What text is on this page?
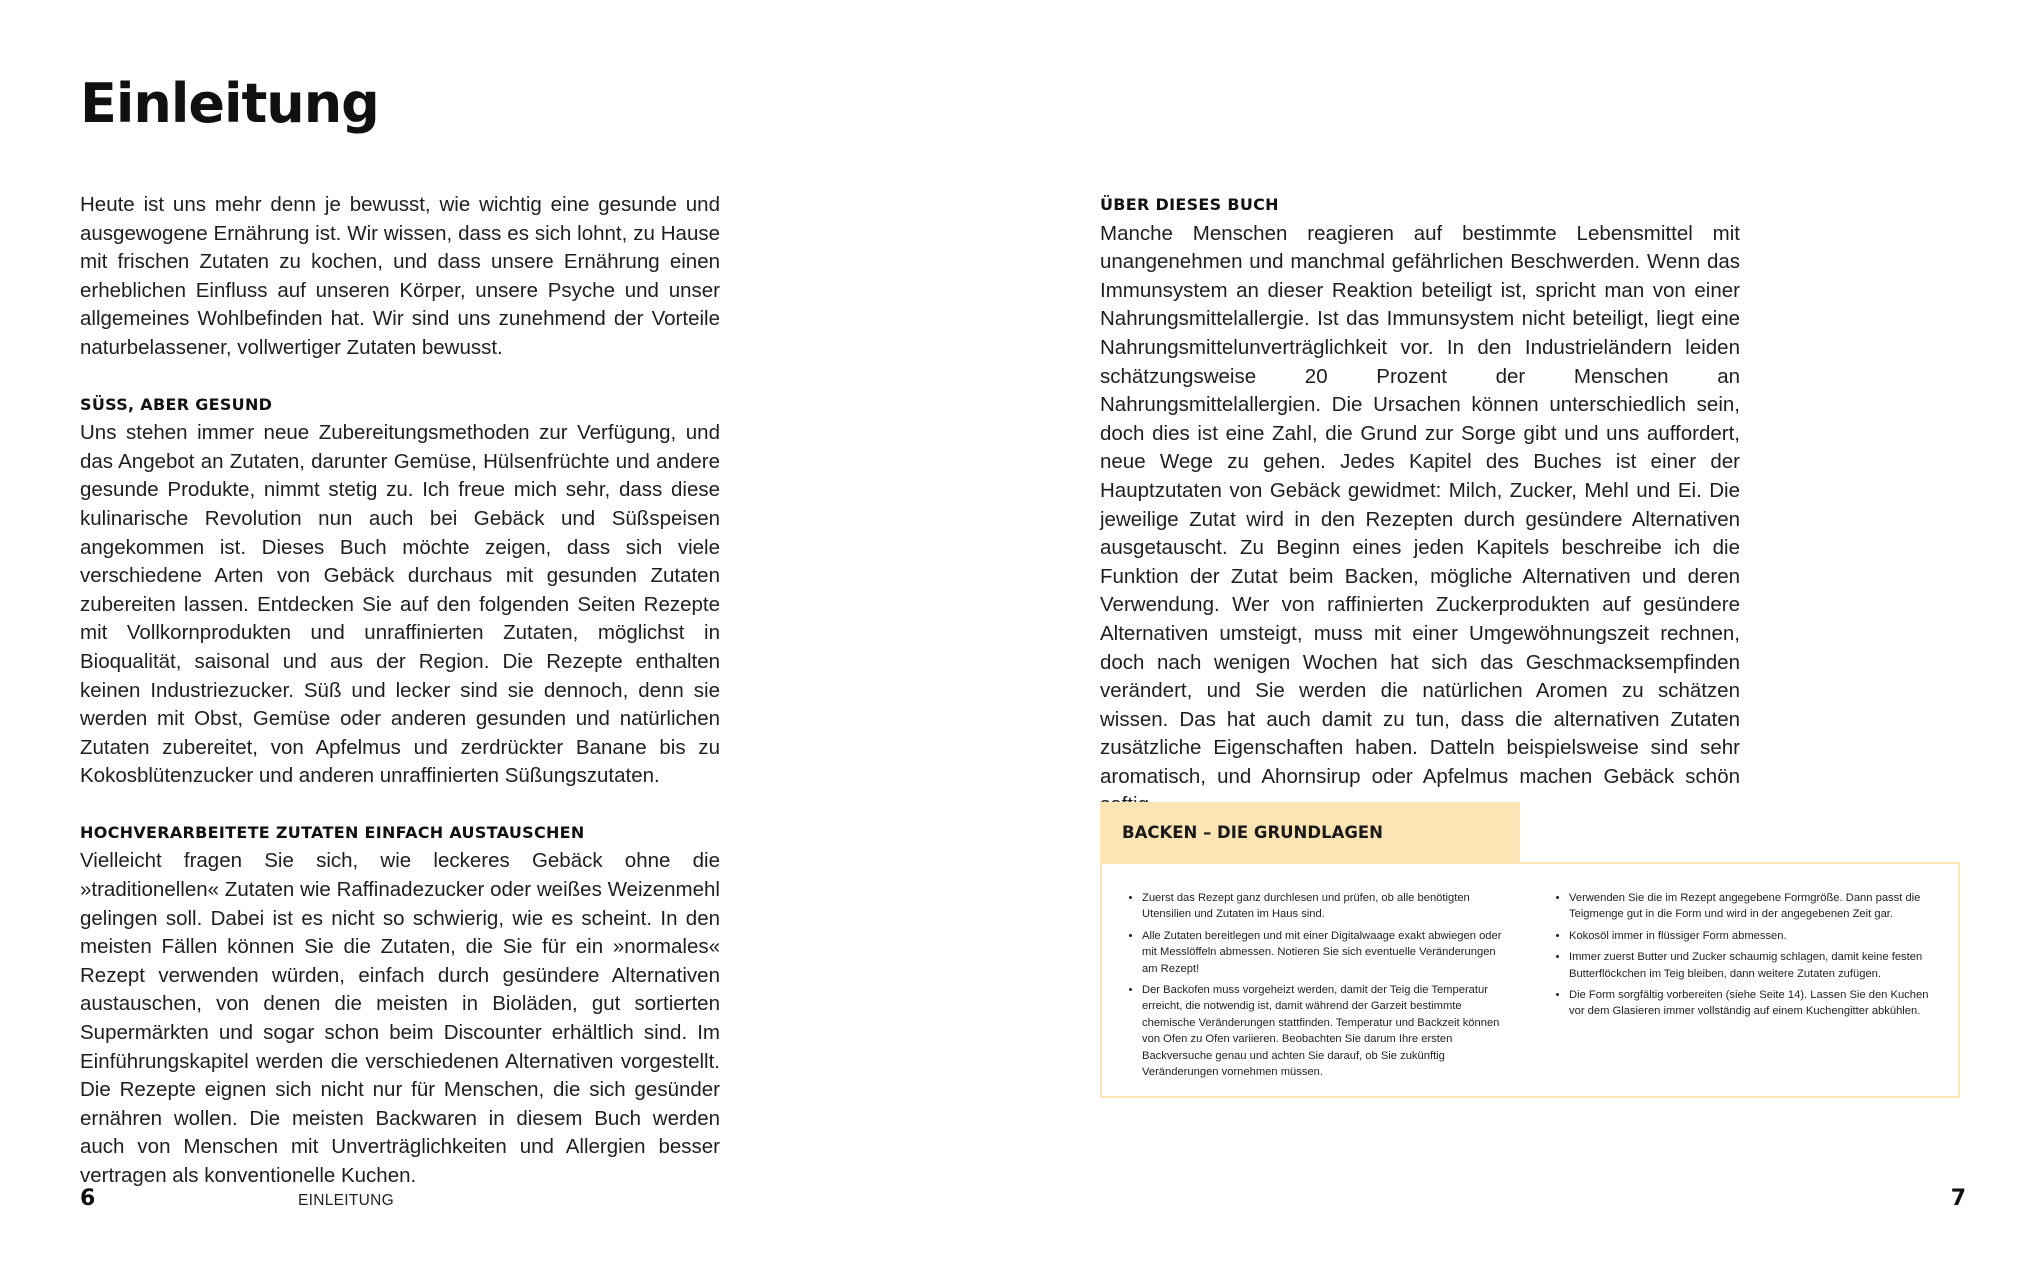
Einleitung

Heute ist uns mehr denn je bewusst, wie wichtig eine gesunde und ausgewogene Ernährung ist. Wir wissen, dass es sich lohnt, zu Hause mit frischen Zutaten zu kochen, und dass unsere Ernährung einen erheblichen Einfluss auf unseren Körper, unsere Psyche und unser allgemeines Wohlbefinden hat. Wir sind uns zunehmend der Vorteile naturbelassener, vollwertiger Zutaten bewusst.

SÜSS, ABER GESUND

Uns stehen immer neue Zubereitungsmethoden zur Verfügung, und das Angebot an Zutaten, darunter Gemüse, Hülsenfrüchte und andere gesunde Produkte, nimmt stetig zu. Ich freue mich sehr, dass diese kulinarische Revolution nun auch bei Gebäck und Süßspeisen angekommen ist. Dieses Buch möchte zeigen, dass sich viele verschiedene Arten von Gebäck durchaus mit gesunden Zutaten zubereiten lassen. Entdecken Sie auf den folgenden Seiten Rezepte mit Vollkornprodukten und unraffinierten Zutaten, möglichst in Bioqualität, saisonal und aus der Region. Die Rezepte enthalten keinen Industriezucker. Süß und lecker sind sie dennoch, denn sie werden mit Obst, Gemüse oder anderen gesunden und natürlichen Zutaten zubereitet, von Apfelmus und zerdrückter Banane bis zu Kokosblütenzucker und anderen unraffinierten Süßungszutaten.

HOCHVERARBEITETE ZUTATEN EINFACH AUSTAUSCHEN

Vielleicht fragen Sie sich, wie leckeres Gebäck ohne die »traditionellen« Zutaten wie Raffinadezucker oder weißes Weizenmehl gelingen soll. Dabei ist es nicht so schwierig, wie es scheint. In den meisten Fällen können Sie die Zutaten, die Sie für ein »normales« Rezept verwenden würden, einfach durch gesündere Alternativen austauschen, von denen die meisten in Bioläden, gut sortierten Supermärkten und sogar schon beim Discounter erhältlich sind. Im Einführungskapitel werden die verschiedenen Alternativen vorgestellt. Die Rezepte eignen sich nicht nur für Menschen, die sich gesünder ernähren wollen. Die meisten Backwaren in diesem Buch werden auch von Menschen mit Unverträglichkeiten und Allergien besser vertragen als konventionelle Kuchen.

ÜBER DIESES BUCH

Manche Menschen reagieren auf bestimmte Lebensmittel mit unangenehmen und manchmal gefährlichen Beschwerden. Wenn das Immunsystem an dieser Reaktion beteiligt ist, spricht man von einer Nahrungsmittelallergie. Ist das Immunsystem nicht beteiligt, liegt eine Nahrungsmittelunverträglichkeit vor. In den Industrieländern leiden schätzungsweise 20 Prozent der Menschen an Nahrungsmittelallergien. Die Ursachen können unterschiedlich sein, doch dies ist eine Zahl, die Grund zur Sorge gibt und uns auffordert, neue Wege zu gehen. Jedes Kapitel des Buches ist einer der Hauptzutaten von Gebäck gewidmet: Milch, Zucker, Mehl und Ei. Die jeweilige Zutat wird in den Rezepten durch gesündere Alternativen ausgetauscht. Zu Beginn eines jeden Kapitels beschreibe ich die Funktion der Zutat beim Backen, mögliche Alternativen und deren Verwendung. Wer von raffinierten Zuckerprodukten auf gesündere Alternativen umsteigt, muss mit einer Umgewöhnungszeit rechnen, doch nach wenigen Wochen hat sich das Geschmacksempfinden verändert, und Sie werden die natürlichen Aromen zu schätzen wissen. Das hat auch damit zu tun, dass die alternativen Zutaten zusätzliche Eigenschaften haben. Datteln beispielsweise sind sehr aromatisch, und Ahornsirup oder Apfelmus machen Gebäck schön

BACKEN – DIE GRUNDLAGEN
• Zuerst das Rezept ganz durchlesen und prüfen, ob alle benötigten Utensilien und Zutaten im Haus sind.
• Alle Zutaten bereitlegen und mit einer Digitalwaage exakt abwiegen oder mit Messlöffeln abmessen. Notieren Sie sich eventuelle Veränderungen am Rezept!
• Der Backofen muss vorgeheizt werden, damit der Teig die Temperatur erreicht, die notwendig ist, damit während der Garzeit bestimmte chemische Veränderungen stattfinden. Temperatur und Backzeit können von Ofen zu Ofen variieren. Beobachten Sie darum Ihre ersten Backversuche genau und achten Sie darauf, ob Sie zukünftig Veränderungen vornehmen müssen.
• Verwenden Sie die im Rezept angegebene Formgröße. Dann passt die Teigmenge gut in die Form und wird in der angegebenen Zeit gar.
• Kokosöl immer in flüssiger Form abmessen.
• Immer zuerst Butter und Zucker schaumig schlagen, damit keine festen Butterflöckchen im Teig bleiben, dann weitere Zutaten zufügen.
• Die Form sorgfältig vorbereiten (siehe Seite 14). Lassen Sie den Kuchen vor dem Glasieren immer vollständig auf einem Kuchengitter abkühlen.
6	EINLEITUNG	7
